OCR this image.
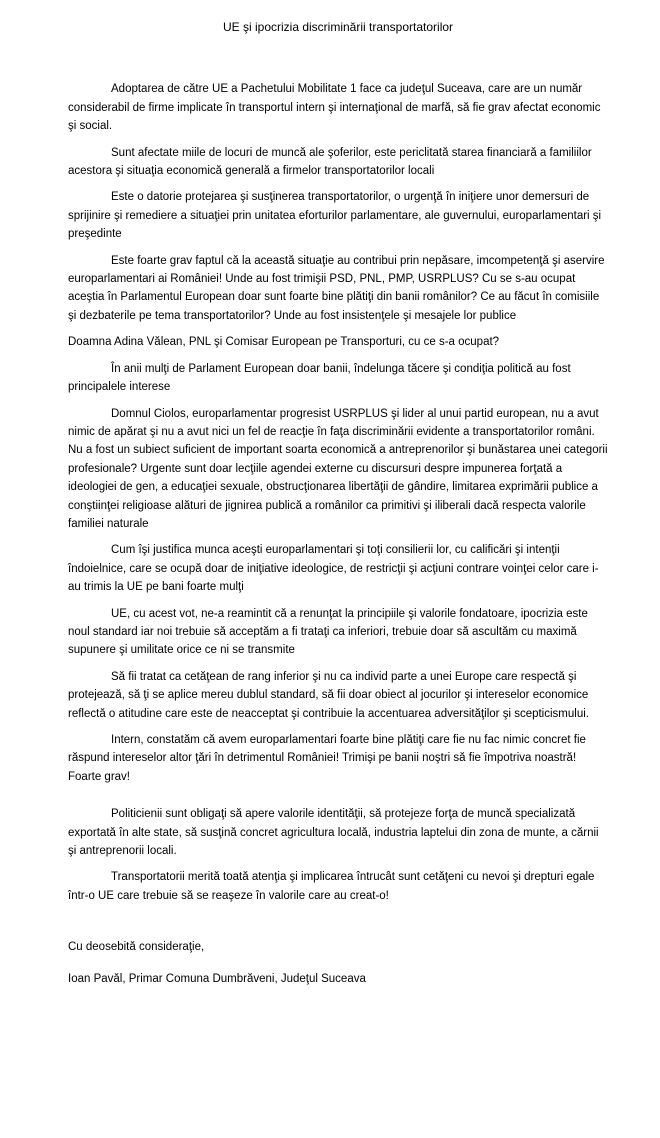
UE şi ipocrizia discriminării transportatorilor

Adoptarea de către UE a Pachetului Mobilitate 1 face ca judeţul Suceava, care are un număr considerabil de firme implicate în transportul intern şi internaţional de marfă, să fie grav afectat economic şi social.

Sunt afectate miile de locuri de muncă ale şoferilor, este periclitată starea financiară a familiilor acestora şi situaţia economică generală a firmelor transportatorilor locali

Este o datorie protejarea şi susţinerea transportatorilor, o urgenţă în iniţiere unor demersuri de sprijinire şi remediere a situaţiei prin unitatea eforturilor parlamentare, ale guvernului, europarlamentari şi preşedinte

Este foarte grav faptul că la această situaţie au contribui prin nepăsare, imcompetenţă şi aservire europarlamentari ai României! Unde au fost trimişii PSD, PNL, PMP, USRPLUS? Cu se s-au ocupat aceştia în Parlamentul European doar sunt foarte bine plătiţi din banii românilor? Ce au făcut în comisiile şi dezbaterile pe tema transportatorilor? Unde au fost insistenţele şi mesajele lor publice

Doamna Adina Vălean, PNL şi Comisar European pe Transporturi, cu ce s-a ocupat?

În anii mulţi de Parlament European doar banii, îndelunga tăcere şi condiţia politică au fost principalele interese

Domnul Ciolos, europarlamentar progresist USRPLUS şi lider al unui partid european, nu a avut nimic de apărat şi nu a avut nici un fel de reacţie în faţa discriminării evidente a transportatorilor români. Nu a fost un subiect suficient de important soarta economică a antreprenorilor şi bunăstarea unei categorii profesionale? Urgente sunt doar lecţiile agendei externe cu discursuri despre impunerea forţată a ideologiei de gen, a educaţiei sexuale, obstrucţionarea libertăţii de gândire, limitarea exprimării publice a conştiinţei religioase alături de jignirea publică a românilor ca primitivi şi iliberali dacă respecta valorile familiei naturale

Cum îşi justifica munca aceşti europarlamentari şi toţi consilierii lor, cu calificări şi intenţii îndoielnice, care se ocupă doar de iniţiative ideologice, de restricţii şi acţiuni contrare voinţei celor care i-au trimis la UE pe bani foarte mulţi

UE, cu acest vot, ne-a reamintit că a renunţat la principiile şi valorile fondatoare, ipocrizia este noul standard iar noi trebuie să acceptăm a fi trataţi ca inferiori, trebuie doar să ascultăm cu maximă supunere şi umilitate orice ce ni se transmite

Să fii tratat ca cetăţean de rang inferior şi nu ca individ parte a unei Europe care respectă şi protejează, să ţi se aplice mereu dublul standard, să fii doar obiect al jocurilor şi intereselor economice reflectă o atitudine care este de neacceptat şi contribuie la accentuarea adversităţilor şi scepticismului.

Intern, constatăm că avem europarlamentari foarte bine plătiţi care fie nu fac nimic concret fie răspund intereselor altor ţări în detrimentul României! Trimişi pe banii noştri să fie împotriva noastră! Foarte grav!

Politicienii sunt obligaţi să apere valorile identităţii, să protejeze forţa de muncă specializată exportată în alte state, să susţină concret agricultura locală, industria laptelui din zona de munte, a cărnii şi antreprenorii locali.

Transportatorii merită toată atenţia şi implicarea întrucât sunt cetăţeni cu nevoi şi drepturi egale într-o UE care trebuie să se reaşeze în valorile care au creat-o!

Cu deosebită consideraţie,

Ioan Pavăl, Primar Comuna Dumbrăveni, Judeţul Suceava
